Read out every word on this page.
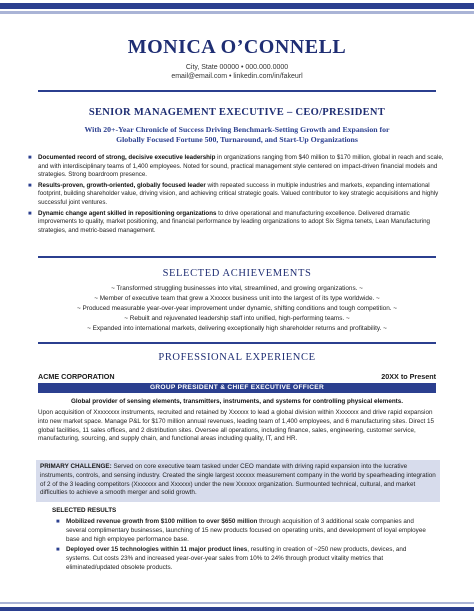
MONICA O’CONNELL
City, State 00000 • 000.000.0000
email@email.com • linkedin.com/in/fakeurl
SENIOR MANAGEMENT EXECUTIVE – CEO/PRESIDENT
With 20+-Year Chronicle of Success Driving Benchmark-Setting Growth and Expansion for
Globally Focused Fortune 500, Turnaround, and Start-Up Organizations
■ Documented record of strong, decisive executive leadership in organizations ranging from $40 million to $170 million, global in reach and scale, and with interdisciplinary teams of 1,400 employees. Noted for sound, practical management style centered on impact-driven financial models and strategies. Strong boardroom presence.
■ Results-proven, growth-oriented, globally focused leader with repeated success in multiple industries and markets, expanding international footprint, building shareholder value, driving vision, and achieving critical strategic goals. Valued contributor to key strategic acquisitions and highly successful joint ventures.
■ Dynamic change agent skilled in repositioning organizations to drive operational and manufacturing excellence. Delivered dramatic improvements to quality, market positioning, and financial performance by leading organizations to adopt Six Sigma tenets, Lean Manufacturing strategies, and metric-based management.
SELECTED ACHIEVEMENTS
~ Transformed struggling businesses into vital, streamlined, and growing organizations. ~
~ Member of executive team that grew a Xxxxxx business unit into the largest of its type worldwide. ~
~ Produced measurable year-over-year improvement under dynamic, shifting conditions and tough competition. ~
~ Rebuilt and rejuvenated leadership staff into unified, high-performing teams. ~
~ Expanded into international markets, delivering exceptionally high shareholder returns and profitability. ~
PROFESSIONAL EXPERIENCE
ACME CORPORATION	20XX to Present
GROUP PRESIDENT & CHIEF EXECUTIVE OFFICER
Global provider of sensing elements, transmitters, instruments, and systems for controlling physical elements.
Upon acquisition of Xxxxxxxx instruments, recruited and retained by Xxxxxx to lead a global division within Xxxxxxx and drive rapid expansion into new market space. Manage P&L for $170 million annual revenues, leading team of 1,400 employees, and 6 manufacturing sites. Direct 15 global facilities, 11 sales offices, and 2 distribution sites. Oversee all operations, including finance, sales, engineering, customer service, manufacturing, sourcing, and supply chain, and functional areas including quality, IT, and HR.
PRIMARY CHALLENGE: Served on core executive team tasked under CEO mandate with driving rapid expansion into the lucrative instruments, controls, and sensing industry. Created the single largest xxxxxx measurement company in the world by spearheading integration of 2 of the 3 leading competitors (Xxxxxxx and Xxxxxx) under the new Xxxxxx organization. Surmounted technical, cultural, and market difficulties to achieve a smooth merger and solid growth.
SELECTED RESULTS
■ Mobilized revenue growth from $100 million to over $650 million through acquisition of 3 additional scale companies and several complimentary businesses, launching of 15 new products focused on operating units, and development of loyal employee base and high employee performance base.
■ Deployed over 15 technologies within 11 major product lines, resulting in creation of ~250 new products, devices, and systems. Cut costs 23% and increased year-over-year sales from 10% to 24% through product vitality metrics that eliminated/updated obsolete products.
